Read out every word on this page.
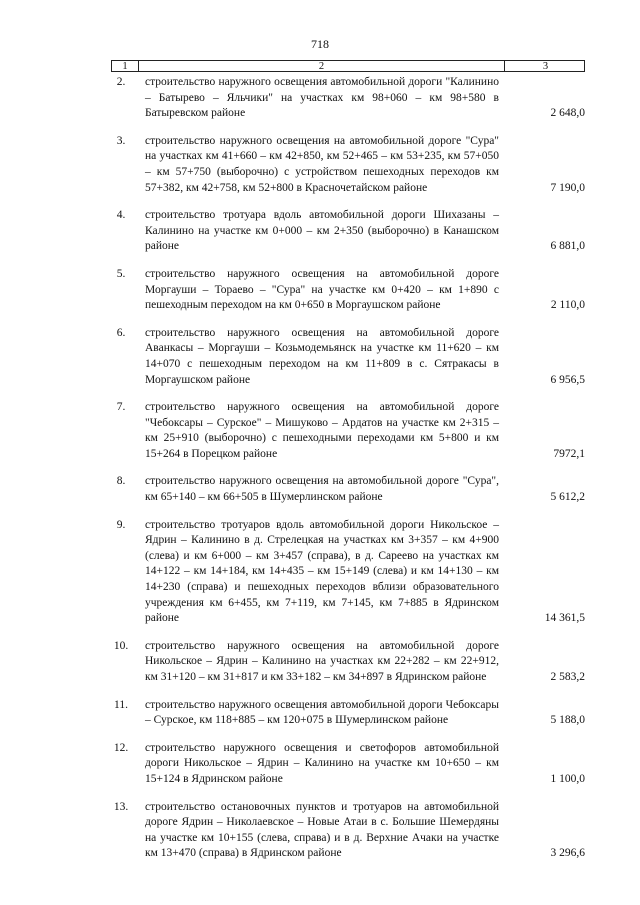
718
1	2	3
2.	строительство наружного освещения автомобильной дороги "Калинино – Батырево – Яльчики" на участках км 98+060 – км 98+580 в Батыревском районе	2 648,0
3.	строительство наружного освещения на автомобильной дороге "Сура" на участках км 41+660 – км 42+850, км 52+465 – км 53+235, км 57+050 – км 57+750 (выборочно) с устройством пешеходных переходов км 57+382, км 42+758, км 52+800 в Красночетайском районе	7 190,0
4.	строительство тротуара вдоль автомобильной дороги Шихазаны – Калинино на участке км 0+000 – км 2+350 (выборочно) в Канашском районе	6 881,0
5.	строительство наружного освещения на автомобильной дороге Моргауши – Тораево – "Сура" на участке км 0+420 – км 1+890 с пешеходным переходом на км 0+650 в Моргаушском районе	2 110,0
6.	строительство наружного освещения на автомобильной дороге Аванкасы – Моргауши – Козьмодемьянск на участке км 11+620 – км 14+070 с пешеходным переходом на км 11+809 в с. Сятракасы в Моргаушском районе	6 956,5
7.	строительство наружного освещения на автомобильной дороге "Чебоксары – Сурское" – Мишуково – Ардатов на участке км 2+315 – км 25+910 (выборочно) с пешеходными переходами км 5+800 и км 15+264 в Порецком районе	7972,1
8.	строительство наружного освещения на автомобильной дороге "Сура", км 65+140 – км 66+505 в Шумерлинском районе	5 612,2
9.	строительство тротуаров вдоль автомобильной дороги Никольское – Ядрин – Калинино в д. Стрелецкая на участках км 3+357 – км 4+900 (слева) и км 6+000 – км 3+457 (справа), в д. Сареево на участках км 14+122 – км 14+184, км 14+435 – км 15+149 (слева) и км 14+130 – км 14+230 (справа) и пешеходных переходов вблизи образовательного учреждения км 6+455, км 7+119, км 7+145, км 7+885 в Ядринском районе	14 361,5
10.	строительство наружного освещения на автомобильной дороге Никольское – Ядрин – Калинино на участках км 22+282 – км 22+912, км 31+120 – км 31+817 и км 33+182 – км 34+897 в Ядринском районе	2 583,2
11.	строительство наружного освещения автомобильной дороги Чебоксары – Сурское, км 118+885 – км 120+075 в Шумерлинском районе	5 188,0
12.	строительство наружного освещения и светофоров автомобильной дороги Никольское – Ядрин – Калинино на участке км 10+650 – км 15+124 в Ядринском районе	1 100,0
13.	строительство остановочных пунктов и тротуаров на автомобильной дороге Ядрин – Николаевское – Новые Атаи в с. Большие Шемердяны на участке км 10+155 (слева, справа) и в д. Верхние Ачаки на участке км 13+470 (справа) в Ядринском районе	3 296,6
